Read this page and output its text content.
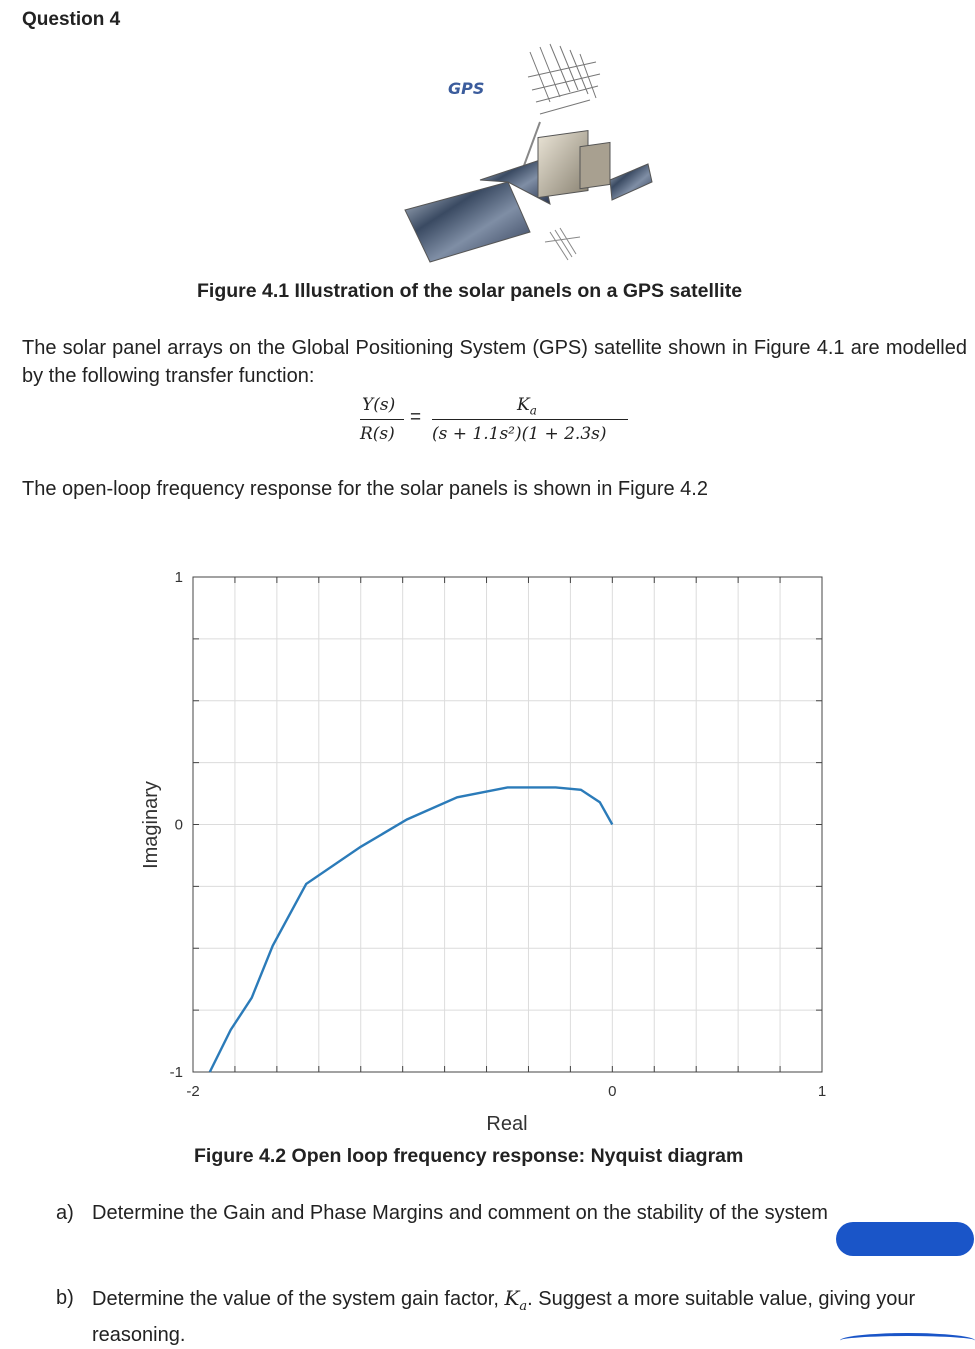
Question 4
GPS
Figure 4.1 Illustration of the solar panels on a GPS satellite
The solar panel arrays on the Global Positioning System (GPS) satellite shown in Figure 4.1 are modelled by the following transfer function:
Y(s)
R(s)
=
$K_a$
(s + 1.1s²)(1 + 2.3s)
The open-loop frequency response for the solar panels is shown in Figure 4.2
-2	0	1
-1
0
1
Real
Imaginary
Figure 4.2 Open loop frequency response: Nyquist diagram
a) Determine the Gain and Phase Margins and comment on the stability of the system
b) Determine the value of the system gain factor, $K_a$. Suggest a more suitable value, giving your reasoning.
